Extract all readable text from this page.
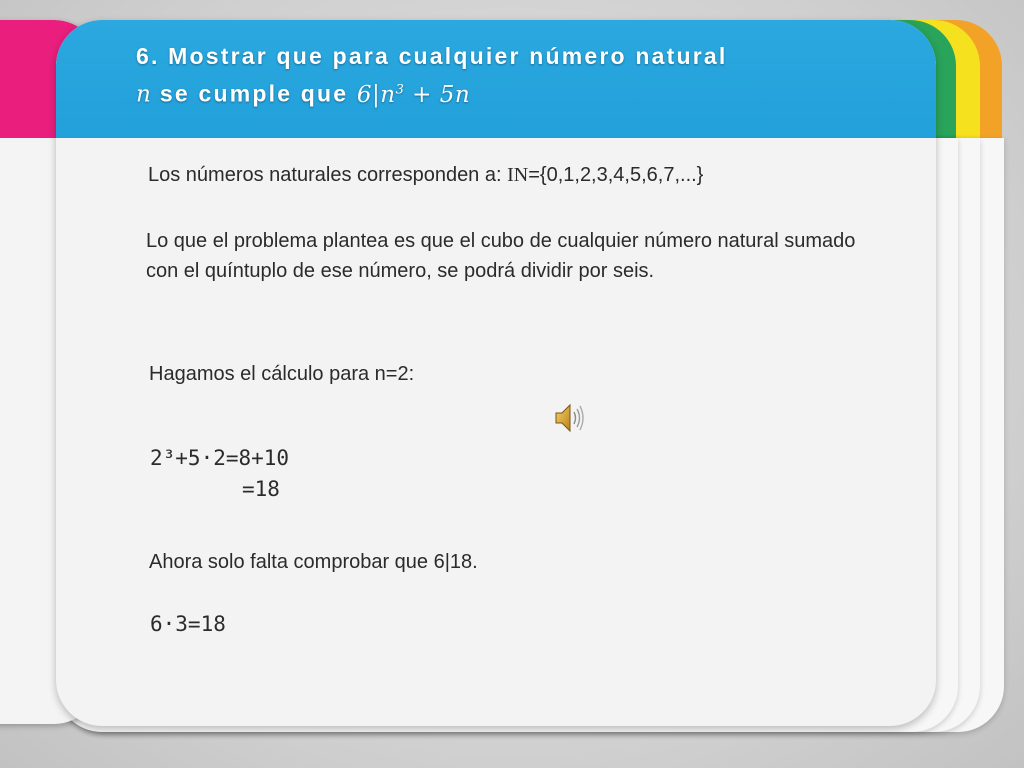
6. Mostrar que para cualquier número natural
n se cumple que $6|n^3 + 5n$
Los números naturales corresponden a: IN={0,1,2,3,4,5,6,7,...}
Lo que el problema plantea es que el cubo de cualquier número natural sumado con el quíntuplo de ese número, se podrá dividir por seis.
Hagamos el cálculo para n=2:
2³+5·2=8+10
=18
Ahora solo falta comprobar que 6|18.
6·3=18
